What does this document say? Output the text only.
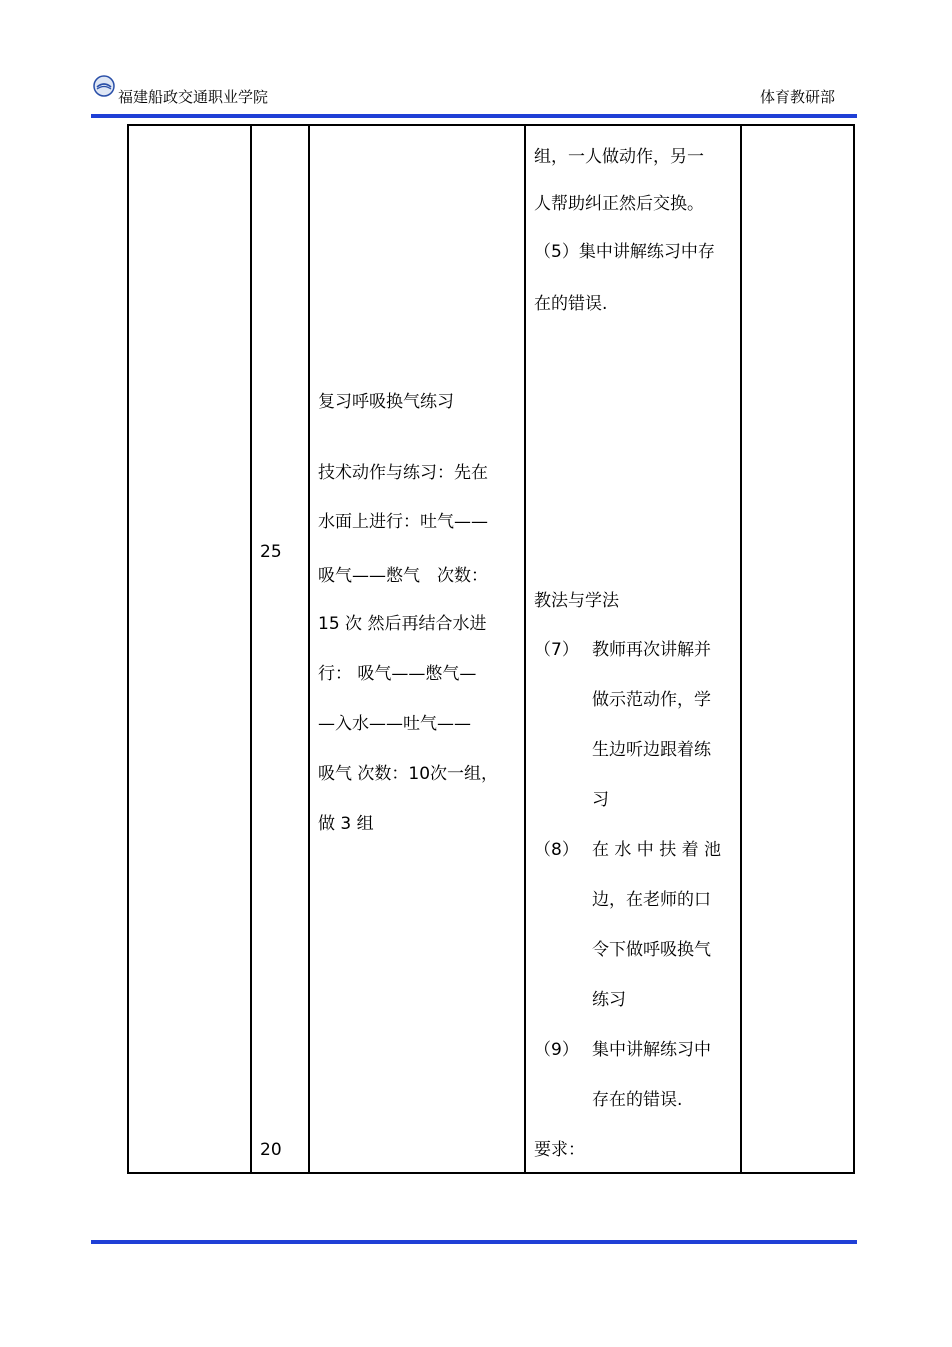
福建船政交通职业学院	体育教研部
25
20
复习呼吸换气练习
技术动作与练习：先在
水面上进行：吐气——
吸气——憋气　次数：
15 次 然后再结合水进
行： 吸气——憋气—
—入水——吐气——
吸气 次数：10次一组，
做 3 组
组，一人做动作，另一
人帮助纠正然后交换。
（5）集中讲解练习中存
在的错误.
教法与学法
（7） 教师再次讲解并
做示范动作，学
生边听边跟着练
习
（8） 在 水 中 扶 着 池
边，在老师的口
令下做呼吸换气
练习
（9） 集中讲解练习中
存在的错误.
要求：
